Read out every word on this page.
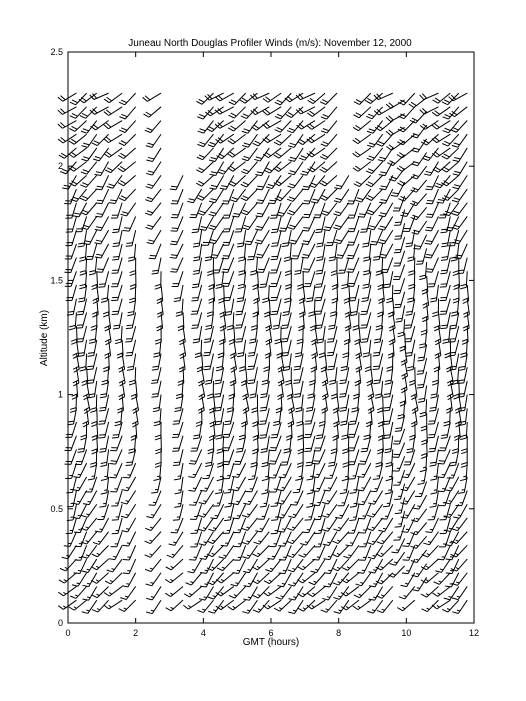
Juneau North Douglas Profiler Winds (m/s): November 12, 2000
0	2	4	6	8	10	12
0
0.5
1
1.5
2
2.5
GMT (hours)
Altitude (km)
